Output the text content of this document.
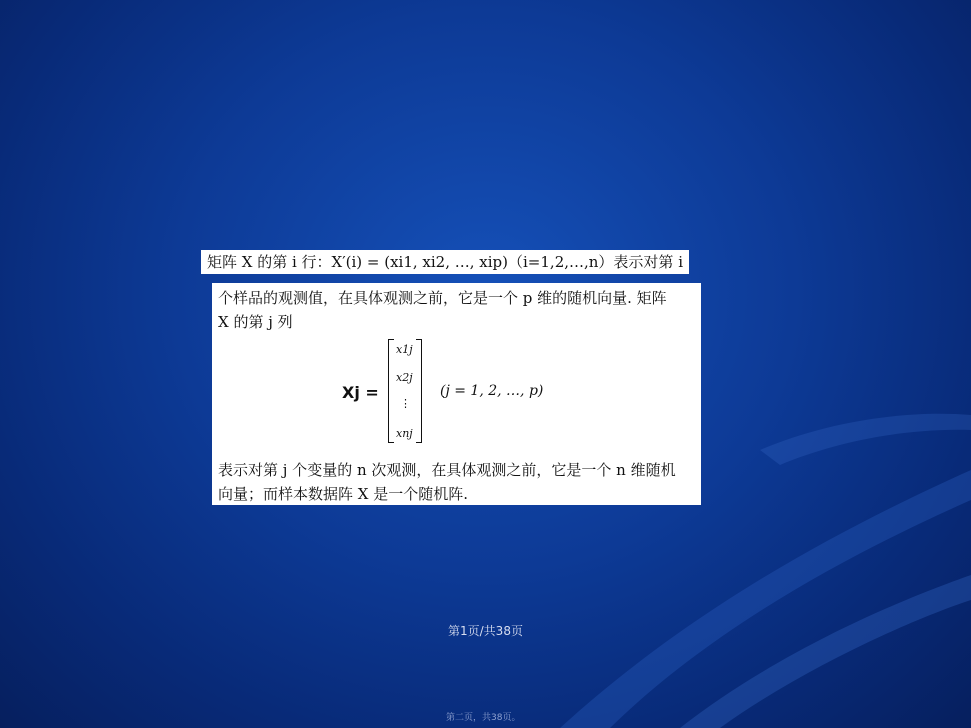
矩阵 X 的第 i 行：X′(i) = (xi1, xi2, …, xip)（i=1,2,…,n）表示对第 i
个样品的观测值，在具体观测之前，它是一个 p 维的随机向量. 矩阵
X 的第 j 列
Xj =
x1j
x2j
⋮
xnj
(j = 1, 2, …, p)
表示对第 j 个变量的 n 次观测，在具体观测之前，它是一个 n 维随机
向量；而样本数据阵 X 是一个随机阵.
第1页/共38页
第二页，共38页。
